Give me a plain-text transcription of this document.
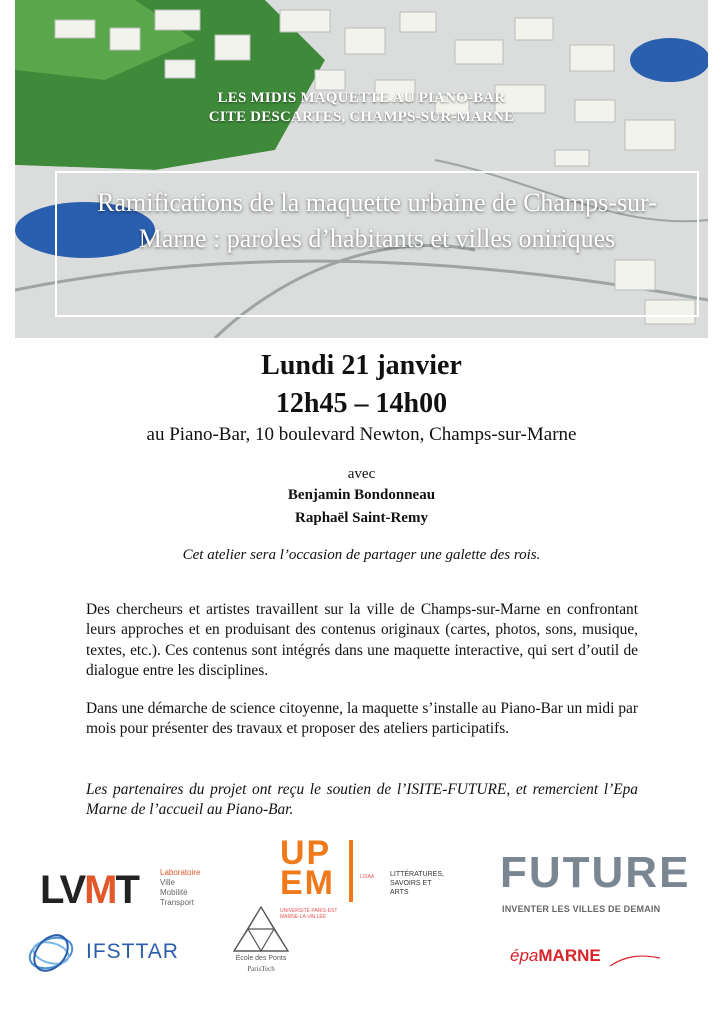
LES MIDIS MAQUETTE AU PIANO-BAR
CITE DESCARTES, CHAMPS-SUR-MARNE
Ramifications de la maquette urbaine de Champs-sur-Marne : paroles d’habitants et villes oniriques
Lundi 21 janvier
12h45 – 14h00
au Piano-Bar, 10 boulevard Newton, Champs-sur-Marne
avec
Benjamin Bondonneau
Raphaël Saint-Remy
Cet atelier sera l’occasion de partager une galette des rois.

Des chercheurs et artistes travaillent sur la ville de Champs-sur-Marne en confrontant leurs approches et en produisant des contenus originaux (cartes, photos, sons, musique, textes, etc.). Ces contenus sont intégrés dans une maquette interactive, qui sert d’outil de dialogue entre les disciplines.

Dans une démarche de science citoyenne, la maquette s’installe au Piano-Bar un midi par mois pour présenter des travaux et proposer des ateliers participatifs.

Les partenaires du projet ont reçu le soutien de l’ISITE-FUTURE, et remercient l’Epa Marne de l’accueil au Piano-Bar.

LVMT	Laboratoire
Ville
Mobilité
Transport
UP
EM
UNIVERSITÉ PARIS-EST MARNE-LA-VALLÉE
LISAA LITTÉRATURES,
SAVOIRS ET
ARTS	FUTURE
INVENTER LES VILLES DE DEMAIN
IFSTTAR	École des Ponts
ParisTech
épaMARNE
